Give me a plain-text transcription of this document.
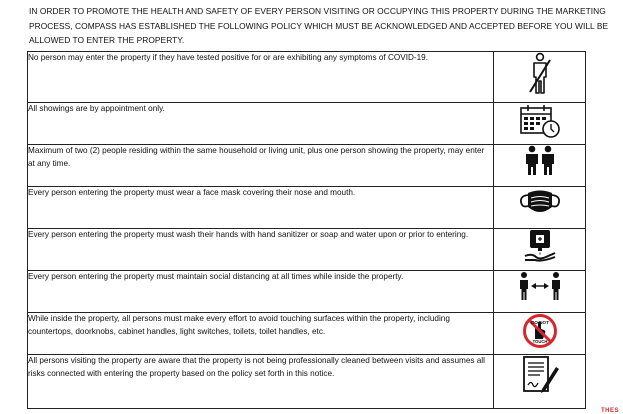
IN ORDER TO PROMOTE THE HEALTH AND SAFETY OF EVERY PERSON VISITING OR OCCUPYING THIS PROPERTY DURING THE MARKETING PROCESS, COMPASS HAS ESTABLISHED THE FOLLOWING POLICY WHICH MUST BE ACKNOWLEDGED AND ACCEPTED BEFORE YOU WILL BE ALLOWED TO ENTER THE PROPERTY.

No person may enter the property if they have tested positive for or are exhibiting any symptoms of COVID-19.	

All showings are by appointment only.	

Maximum of two (2) people residing within the same household or living unit, plus one person showing the property, may enter at any time.	

Every person entering the property must wear a face mask covering their nose and mouth.	

Every person entering the property must wash their hands with hand sanitizer or soap and water upon or prior to entering.	

Every person entering the property must maintain social distancing at all times while inside the property.	

While inside the property, all persons must make every effort to avoid touching surfaces within the property, including countertops, doorknobs, cabinet handles, light switches, toilets, toilet handles, etc.	DO NOT
TOUCH

All persons visiting the property are aware that the property is not being professionally cleaned between visits and assumes all risks connected with entering the property based on the policy set forth in this notice.	
THES
